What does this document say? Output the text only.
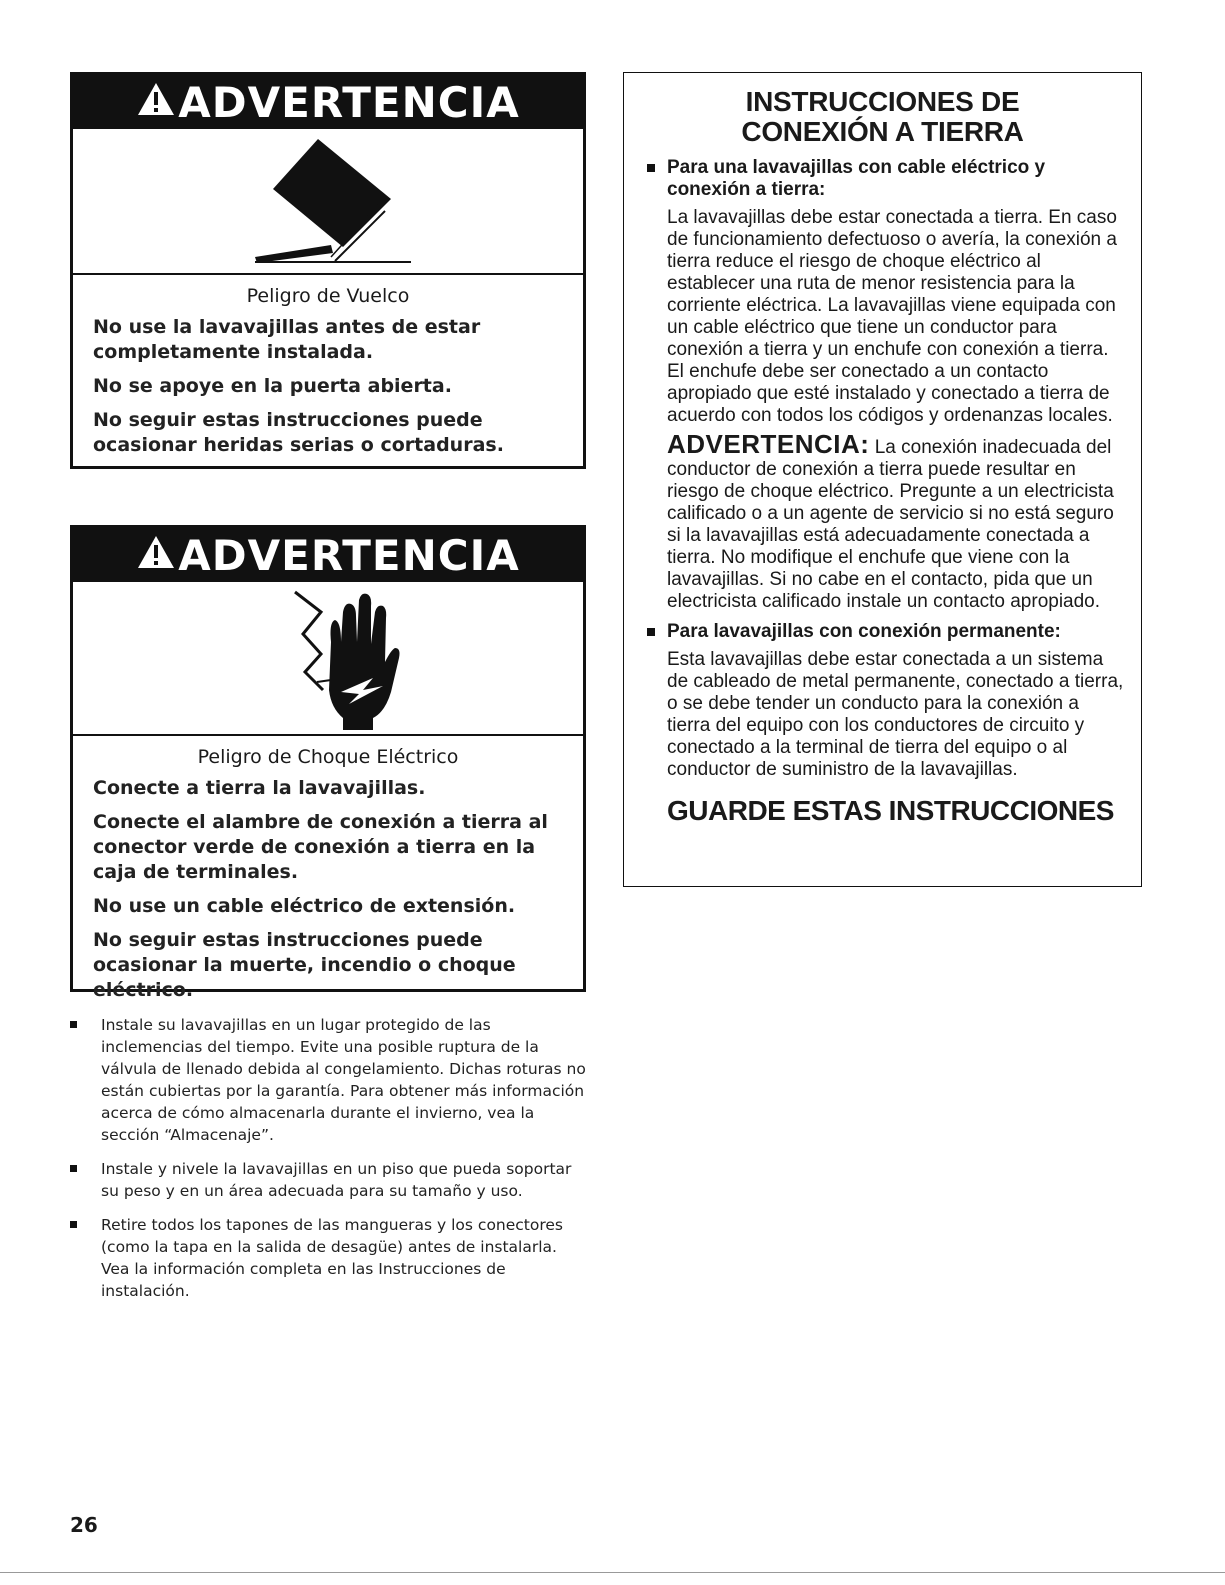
ADVERTENCIA
Peligro de Vuelco
No use la lavavajillas antes de estar completamente instalada.
No se apoye en la puerta abierta.
No seguir estas instrucciones puede ocasionar heridas serias o cortaduras.
ADVERTENCIA
Peligro de Choque Eléctrico
Conecte a tierra la lavavajillas.
Conecte el alambre de conexión a tierra al conector verde de conexión a tierra en la caja de terminales.
No use un cable eléctrico de extensión.
No seguir estas instrucciones puede ocasionar la muerte, incendio o choque eléctrico.
INSTRUCCIONES DE
CONEXIÓN A TIERRA
Para una lavavajillas con cable eléctrico y conexión a tierra:
La lavavajillas debe estar conectada a tierra. En caso de funcionamiento defectuoso o avería, la conexión a tierra reduce el riesgo de choque eléctrico al establecer una ruta de menor resistencia para la corriente eléctrica. La lavavajillas viene equipada con un cable eléctrico que tiene un conductor para conexión a tierra y un enchufe con conexión a tierra. El enchufe debe ser conectado a un contacto apropiado que esté instalado y conectado a tierra de acuerdo con todos los códigos y ordenanzas locales.
ADVERTENCIA: La conexión inadecuada del conductor de conexión a tierra puede resultar en riesgo de choque eléctrico. Pregunte a un electricista calificado o a un agente de servicio si no está seguro si la lavavajillas está adecuadamente conectada a tierra. No modifique el enchufe que viene con la lavavajillas. Si no cabe en el contacto, pida que un electricista calificado instale un contacto apropiado.
Para lavavajillas con conexión permanente:
Esta lavavajillas debe estar conectada a un sistema de cableado de metal permanente, conectado a tierra, o se debe tender un conducto para la conexión a tierra del equipo con los conductores de circuito y conectado a la terminal de tierra del equipo o al conductor de suministro de la lavavajillas.
GUARDE ESTAS INSTRUCCIONES
Instale su lavavajillas en un lugar protegido de las inclemencias del tiempo. Evite una posible ruptura de la válvula de llenado debida al congelamiento. Dichas roturas no están cubiertas por la garantía. Para obtener más información acerca de cómo almacenarla durante el invierno, vea la sección “Almacenaje”.
Instale y nivele la lavavajillas en un piso que pueda soportar su peso y en un área adecuada para su tamaño y uso.
Retire todos los tapones de las mangueras y los conectores (como la tapa en la salida de desagüe) antes de instalarla. Vea la información completa en las Instrucciones de instalación.
26
